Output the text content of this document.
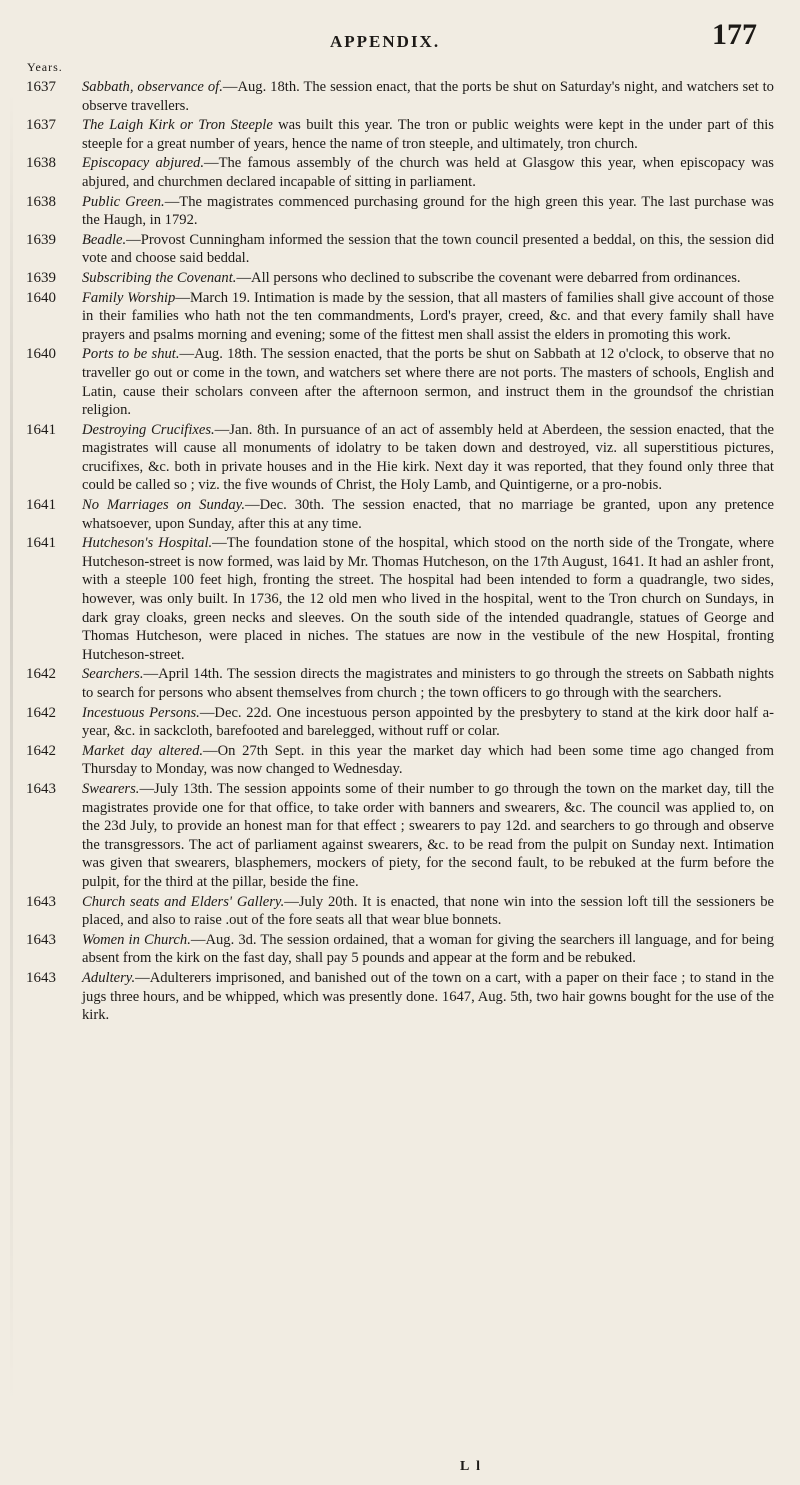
APPENDIX.	177
Years.
1637	Sabbath, observance of.—Aug. 18th. The session enact, that the ports be shut on Saturday's night, and watchers set to observe travellers.
1637	The Laigh Kirk or Tron Steeple was built this year. The tron or public weights were kept in the under part of this steeple for a great number of years, hence the name of tron steeple, and ultimately, tron church.
1638	Episcopacy abjured.—The famous assembly of the church was held at Glasgow this year, when episcopacy was abjured, and churchmen declared incapable of sitting in parliament.
1638	Public Green.—The magistrates commenced purchasing ground for the high green this year. The last purchase was the Haugh, in 1792.
1639	Beadle.—Provost Cunningham informed the session that the town council presented a beddal, on this, the session did vote and choose said beddal.
1639	Subscribing the Covenant.—All persons who declined to subscribe the covenant were debarred from ordinances.
1640	Family Worship—March 19. Intimation is made by the session, that all masters of families shall give account of those in their families who hath not the ten commandments, Lord's prayer, creed, &c. and that every family shall have prayers and psalms morning and evening; some of the fittest men shall assist the elders in promoting this work.
1640	Ports to be shut.—Aug. 18th. The session enacted, that the ports be shut on Sabbath at 12 o'clock, to observe that no traveller go out or come in the town, and watchers set where there are not ports. The masters of schools, English and Latin, cause their scholars conveen after the afternoon sermon, and instruct them in the groundsof the christian religion.
1641	Destroying Crucifixes.—Jan. 8th. In pursuance of an act of assembly held at Aberdeen, the session enacted, that the magistrates will cause all monuments of idolatry to be taken down and destroyed, viz. all superstitious pictures, crucifixes, &c. both in private houses and in the Hie kirk. Next day it was reported, that they found only three that could be called so ; viz. the five wounds of Christ, the Holy Lamb, and Quintigerne, or a pro-nobis.
1641	No Marriages on Sunday.—Dec. 30th. The session enacted, that no marriage be granted, upon any pretence whatsoever, upon Sunday, after this at any time.
1641	Hutcheson's Hospital.—The foundation stone of the hospital, which stood on the north side of the Trongate, where Hutcheson-street is now formed, was laid by Mr. Thomas Hutcheson, on the 17th August, 1641. It had an ashler front, with a steeple 100 feet high, fronting the street. The hospital had been intended to form a quadrangle, two sides, however, was only built. In 1736, the 12 old men who lived in the hospital, went to the Tron church on Sundays, in dark gray cloaks, green necks and sleeves. On the south side of the intended quadrangle, statues of George and Thomas Hutcheson, were placed in niches. The statues are now in the vestibule of the new Hospital, fronting Hutcheson-street.
1642	Searchers.—April 14th. The session directs the magistrates and ministers to go through the streets on Sabbath nights to search for persons who absent themselves from church ; the town officers to go through with the searchers.
1642	Incestuous Persons.—Dec. 22d. One incestuous person appointed by the presbytery to stand at the kirk door half a-year, &c. in sackcloth, barefooted and barelegged, without ruff or colar.
1642	Market day altered.—On 27th Sept. in this year the market day which had been some time ago changed from Thursday to Monday, was now changed to Wednesday.
1643	Swearers.—July 13th. The session appoints some of their number to go through the town on the market day, till the magistrates provide one for that office, to take order with banners and swearers, &c. The council was applied to, on the 23d July, to provide an honest man for that effect ; swearers to pay 12d. and searchers to go through and observe the transgressors. The act of parliament against swearers, &c. to be read from the pulpit on Sunday next. Intimation was given that swearers, blasphemers, mockers of piety, for the second fault, to be rebuked at the furm before the pulpit, for the third at the pillar, beside the fine.
1643	Church seats and Elders' Gallery.—July 20th. It is enacted, that none win into the session loft till the sessioners be placed, and also to raise .out of the fore seats all that wear blue bonnets.
1643	Women in Church.—Aug. 3d. The session ordained, that a woman for giving the searchers ill language, and for being absent from the kirk on the fast day, shall pay 5 pounds and appear at the form and be rebuked.
1643	Adultery.—Adulterers imprisoned, and banished out of the town on a cart, with a paper on their face ; to stand in the jugs three hours, and be whipped, which was presently done. 1647, Aug. 5th, two hair gowns bought for the use of the kirk.
L l
